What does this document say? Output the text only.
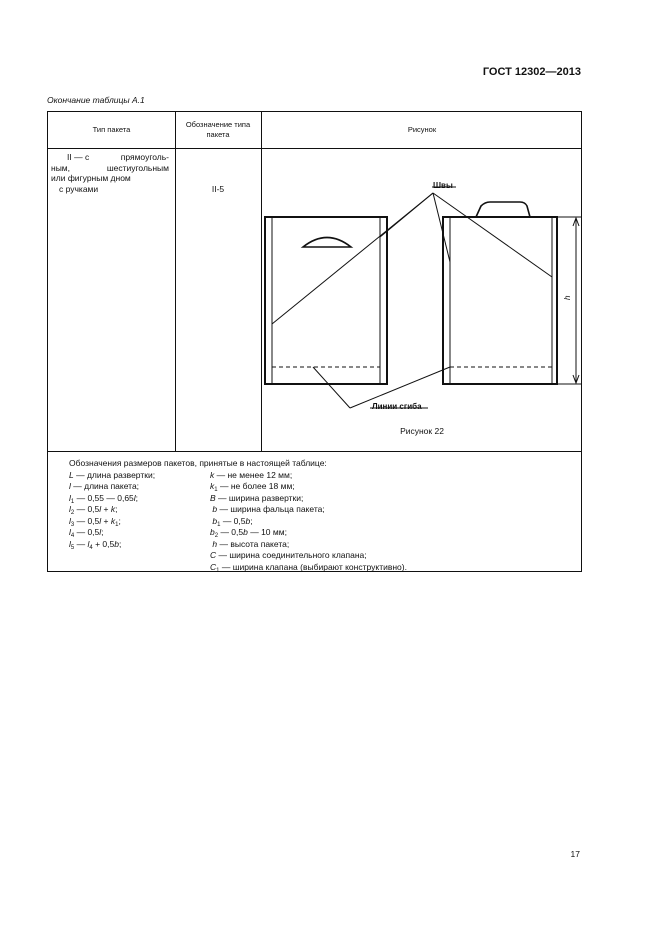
ГОСТ 12302—2013
Окончание таблицы А.1
Тип пакета
Обозначение типа пакета
Рисунок
II — с	прямоуголь-
ным,	шестиугольным
или фигурным дном
с ручками	II-5	Швы
Линии сгиба
h
Рисунок 22
Обозначения размеров пакетов, принятые в настоящей таблице:
L — длина развертки;	k — не менее 12 мм;
l — длина пакета;	$k_1$ — не более 18 мм;
$l_1$ — 0,55 — 0,65l;	B — ширина развертки;
$l_2$ — 0,5l + k;	b — ширина фальца пакета;
$l_3$ — $0,5l + k_1$;	$b_1$ — 0,5b;
$l_4$ — 0,5l;	$b_2$ — 0,5b — 10 мм;
$l_5$ — $l_4 + 0,5b$;	h — высота пакета;
C — ширина соединительного клапана;
$C_1$ — ширина клапана (выбирают конструктивно).
17
